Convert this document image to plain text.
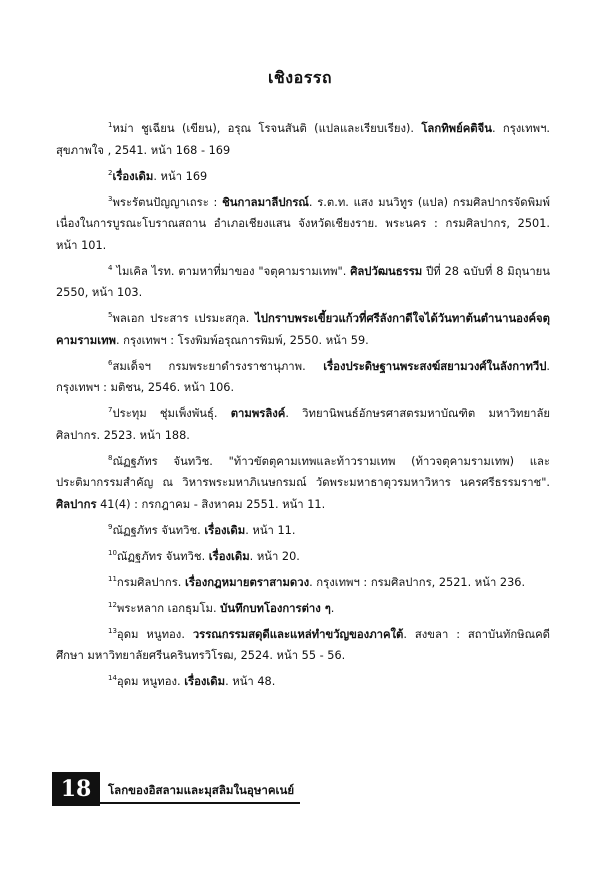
เชิงอรรถ

$^1$หม่า ชูเฉียน (เขียน), อรุณ โรจนสันติ (แปลและเรียบเรียง). โลกทิพย์คติจีน. กรุงเทพฯ. สุขภาพใจ , 2541. หน้า 168 - 169

$^2$เรื่องเดิม. หน้า 169

$^3$พระรัตนปัญญาเถระ : ชินกาลมาลีปกรณ์. ร.ต.ท. แสง มนวิทูร (แปล) กรมศิลปากรจัดพิมพ์ เนื่องในการบูรณะโบราณสถาน อำเภอเชียงแสน จังหวัดเชียงราย. พระนคร : กรมศิลปากร, 2501. หน้า 101.

$^4$ ไมเคิล ไรท. ตามหาที่มาของ "จตุคามรามเทพ". ศิลปวัฒนธรรม ปีที่ 28 ฉบับที่ 8 มิถุนายน 2550, หน้า 103.

$^5$พลเอก ประสาร เปรมะสกุล. ไปกราบพระเขี้ยวแก้วที่ศรีลังกาดีใจได้วันทาต้นตำนานองค์จตุคามรามเทพ. กรุงเทพฯ : โรงพิมพ์อรุณการพิมพ์, 2550. หน้า 59.

$^6$สมเด็จฯ กรมพระยาดำรงราชานุภาพ. เรื่องประดิษฐานพระสงฆ์สยามวงศ์ในลังกาทวีป. กรุงเทพฯ : มติชน, 2546. หน้า 106.

$^7$ประทุม ชุ่มเพ็งพันธุ์. ตามพรลิงค์. วิทยานิพนธ์อักษรศาสตรมหาบัณฑิต มหาวิทยาลัยศิลปากร. 2523. หน้า 188.

$^8$ณัฏฐภัทร จันทวิช. "ท้าวขัตตุคามเทพและท้าวรามเทพ (ท้าวจตุคามรามเทพ) และประติมากรรมสำคัญ ณ วิหารพระมหาภิเนษกรมณ์ วัดพระมหาธาตุวรมหาวิหาร นครศรีธรรมราช". ศิลปากร 41(4) : กรกฎาคม - สิงหาคม 2551. หน้า 11.

$^9$ณัฏฐภัทร จันทวิช. เรื่องเดิม. หน้า 11.

$^{10}$ณัฏฐภัทร จันทวิช. เรื่องเดิม. หน้า 20.

$^{11}$กรมศิลปากร. เรื่องกฎหมายตราสามดวง. กรุงเทพฯ : กรมศิลปากร, 2521. หน้า 236.

$^{12}$พระหลาก เอกธุมโม. บันทึกบทโองการต่าง ๆ.

$^{13}$อุดม หนูทอง. วรรณกรรมสดุดีและแหล่ทำขวัญของภาคใต้. สงขลา : สถาบันทักษิณคดีศึกษา มหาวิทยาลัยศรีนครินทรวิโรฒ, 2524. หน้า 55 - 56.

$^{14}$อุดม หนูทอง. เรื่องเดิม. หน้า 48.

18 โลกของอิสลามและมุสลิมในอุษาคเนย์
